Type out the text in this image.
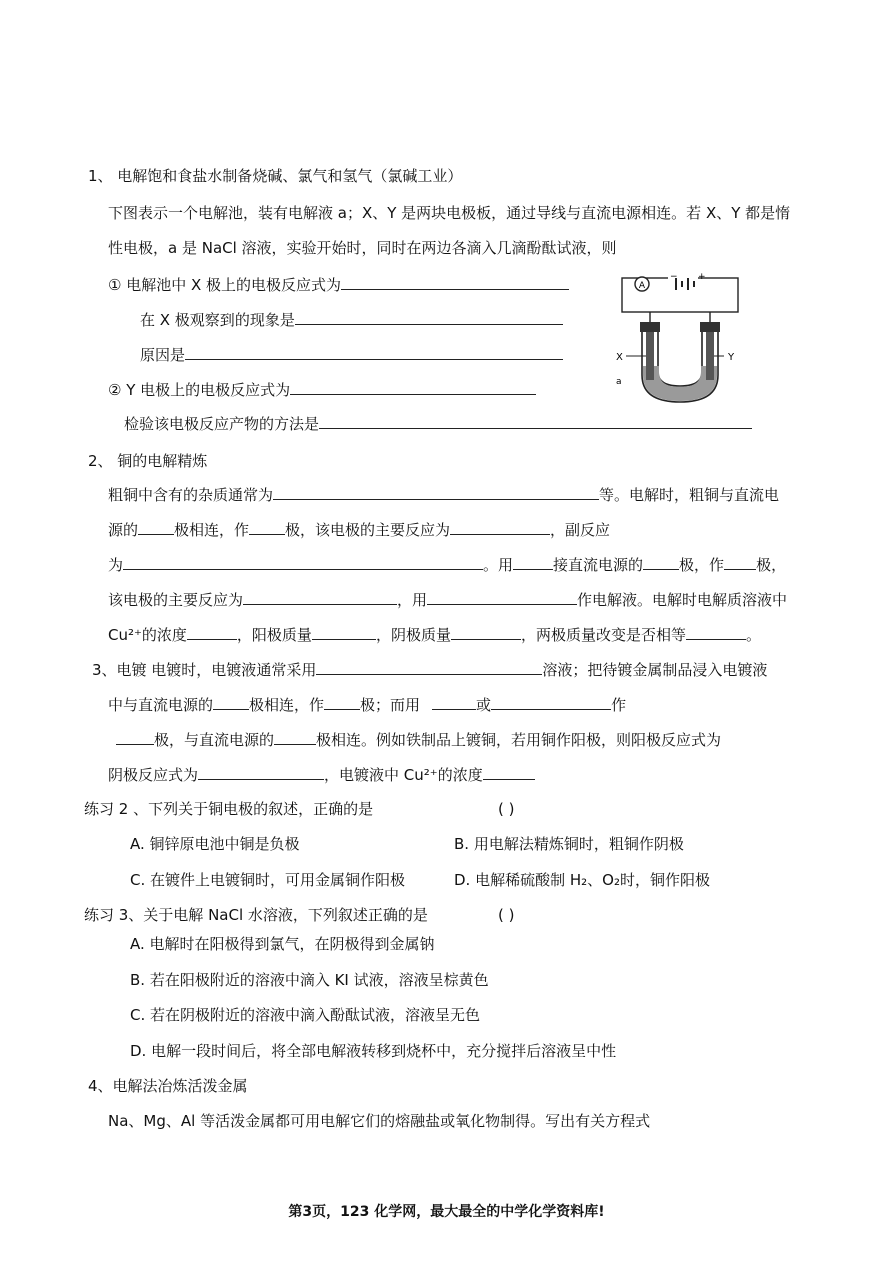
1、 电解饱和食盐水制备烧碱、氯气和氢气（氯碱工业）
下图表示一个电解池，装有电解液 a；X、Y 是两块电极板，通过导线与直流电源相连。若 X、Y 都是惰
性电极，a 是 NaCl 溶液，实验开始时，同时在两边各滴入几滴酚酞试液，则
① 电解池中 X 极上的电极反应式为
在 X 极观察到的现象是
原因是
② Y 电极上的电极反应式为
检验该电极反应产物的方法是
A
− +
X	Y
a
2、 铜的电解精炼
粗铜中含有的杂质通常为	等。电解时，粗铜与直流电
源的 极相连，作 极，该电极的主要反应为	，副反应
为	。用	接直流电源的 极，作 极，
该电极的主要反应为	，用	作电解液。电解时电解质溶液中
Cu²⁺的浓度	，阳极质量	，阴极质量	，两极质量改变是否相等	。
3、电镀 电镀时，电镀液通常采用	溶液；把待镀金属制品浸入电镀液
中与直流电源的 极相连，作 极；而用	或	作
极，与直流电源的	极相连。例如铁制品上镀铜，若用铜作阳极，则阳极反应式为
阴极反应式为	，电镀液中 Cu²⁺的浓度
练习 2 、下列关于铜电极的叙述，正确的是	( )
A. 铜锌原电池中铜是负极	B. 用电解法精炼铜时，粗铜作阴极
C. 在镀件上电镀铜时，可用金属铜作阳极	D. 电解稀硫酸制 H₂、O₂时，铜作阳极
练习 3、关于电解 NaCl 水溶液，下列叙述正确的是	( )
A. 电解时在阳极得到氯气，在阴极得到金属钠
B. 若在阳极附近的溶液中滴入 KI 试液，溶液呈棕黄色
C. 若在阴极附近的溶液中滴入酚酞试液，溶液呈无色
D. 电解一段时间后，将全部电解液转移到烧杯中，充分搅拌后溶液呈中性
4、电解法冶炼活泼金属
Na、Mg、Al 等活泼金属都可用电解它们的熔融盐或氧化物制得。写出有关方程式
第3页，123 化学网，最大最全的中学化学资料库!
